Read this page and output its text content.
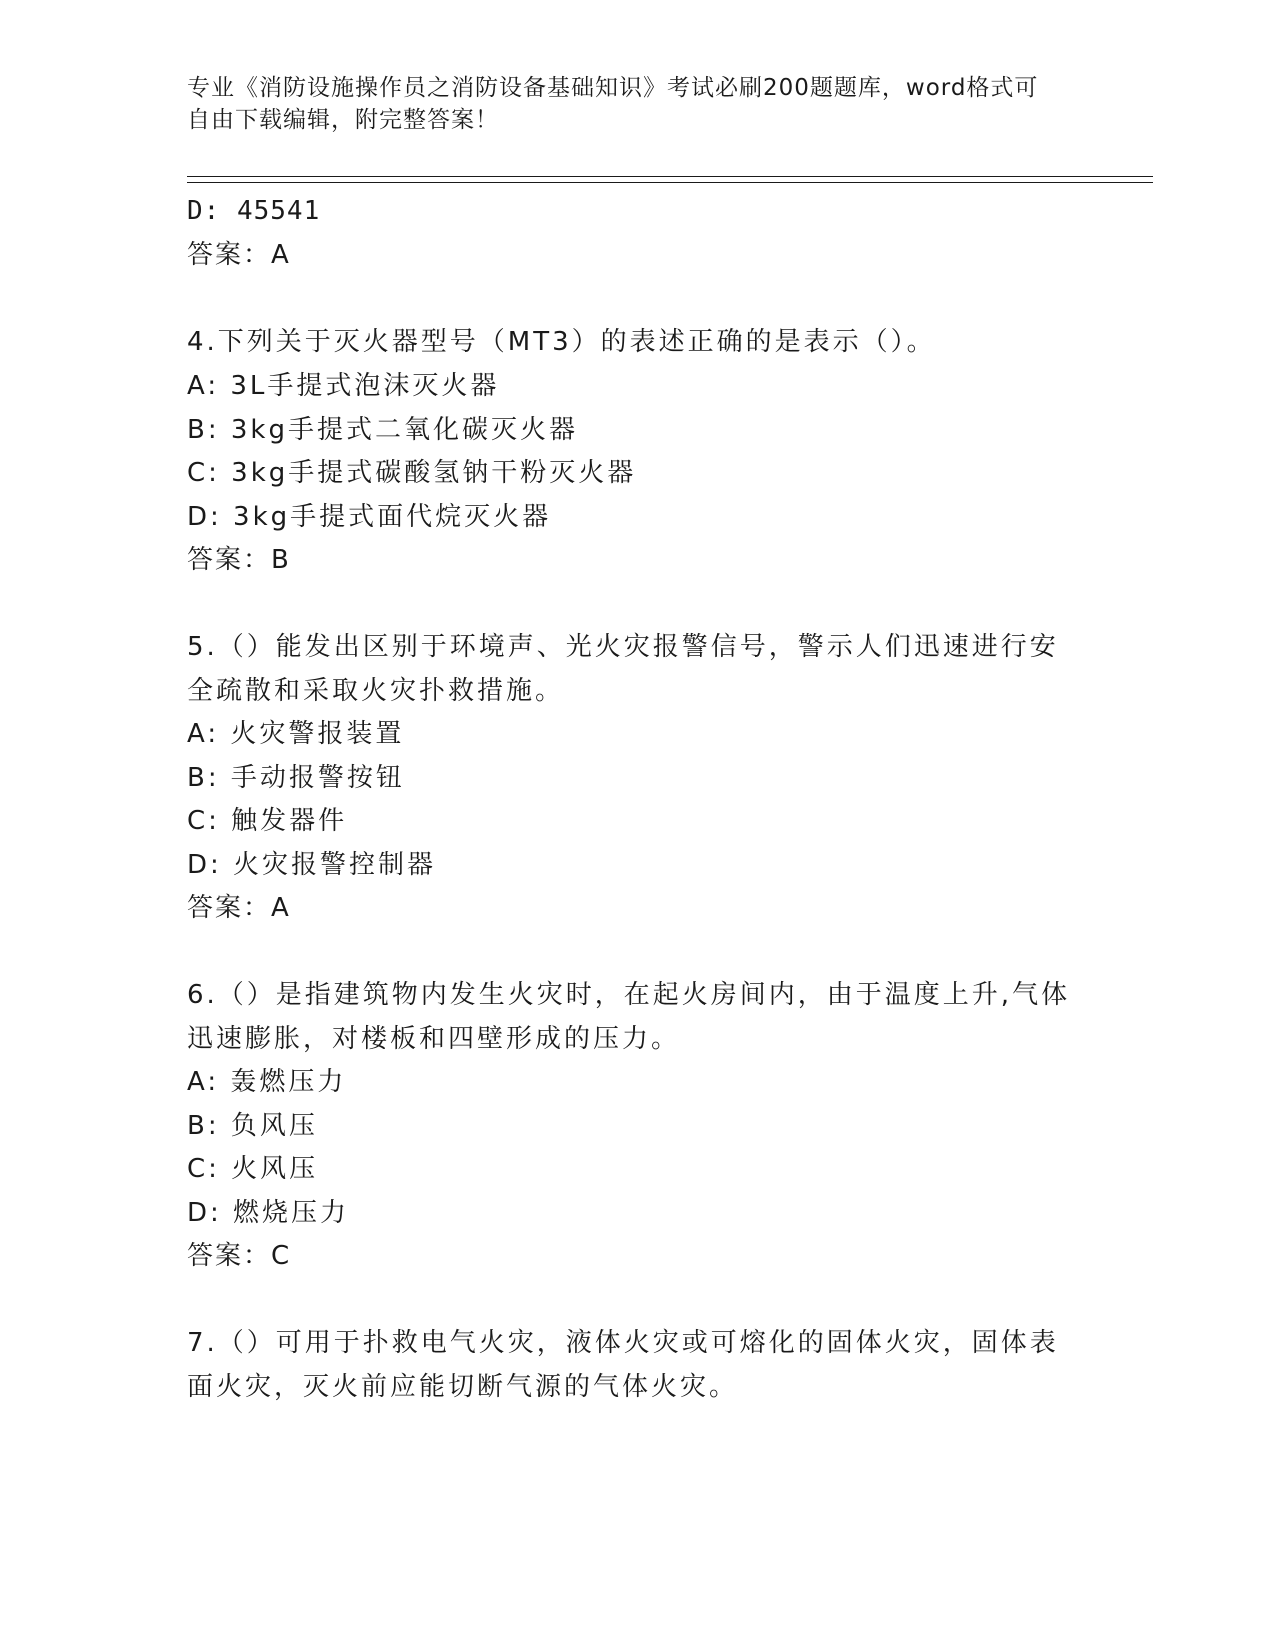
专业《消防设施操作员之消防设备基础知识》考试必刷200题题库，word格式可
自由下载编辑，附完整答案！
D: 45541
答案：A
4.下列关于灭火器型号（MT3）的表述正确的是表示（）。
A: 3L手提式泡沫灭火器
B: 3kg手提式二氧化碳灭火器
C: 3kg手提式碳酸氢钠干粉灭火器
D: 3kg手提式面代烷灭火器
答案：B
5.（）能发出区别于环境声、光火灾报警信号，警示人们迅速进行安
全疏散和采取火灾扑救措施。
A: 火灾警报装置
B: 手动报警按钮
C: 触发器件
D: 火灾报警控制器
答案：A
6.（）是指建筑物内发生火灾时，在起火房间内，由于温度上升,气体
迅速膨胀，对楼板和四壁形成的压力。
A: 轰燃压力
B: 负风压
C: 火风压
D: 燃烧压力
答案：C
7.（）可用于扑救电气火灾，液体火灾或可熔化的固体火灾，固体表
面火灾，灭火前应能切断气源的气体火灾。
